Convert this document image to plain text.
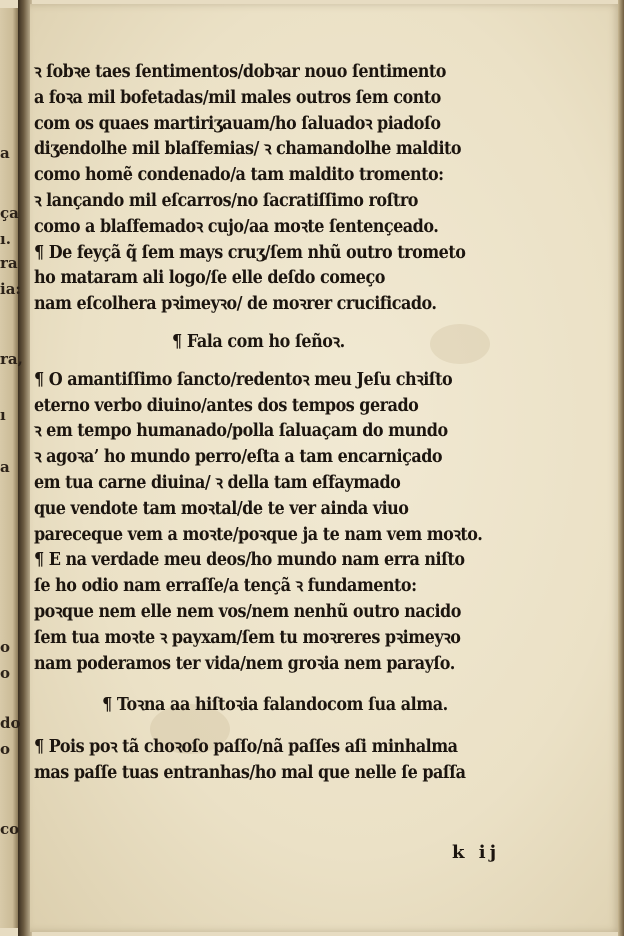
a
ça
ı.
ra
ia:
ra,
ı
a
o
o
do
o
co
ꝛ ſobꝛe taes ſentimentos/dobꝛar nouo ſentimento
a foꝛa mil bofetadas/mil males outros ſem conto
com os quaes martiriʒauam/ho ſaluadoꝛ piadoſo
diʒendolhe mil blaſfemias/ ꝛ chamandolhe maldito
como homẽ condenado/a tam maldito tromento:
ꝛ lançando mil eſcarros/no ſacratiſſimo roſtro
como a blaſfemadoꝛ cujo/aa moꝛte ſentençeado.
¶ De feyçã q̃ ſem mays cruʒ/ſem nhũ outro trometo
ho mataram ali logo/ſe elle deſdo começo
nam eſcolhera pꝛimeyꝛo/ de moꝛrer crucificado.
¶ Fala com ho ſeñoꝛ.
¶ O amantiſſimo ſancto/redentoꝛ meu Jeſu chꝛiſto
eterno verbo diuino/antes dos tempos gerado
ꝛ em tempo humanado/polla ſaluaçam do mundo
ꝛ agoꝛa’ ho mundo perro/eſta a tam encarniçado
em tua carne diuina/ ꝛ della tam eſfaymado
que vendote tam moꝛtal/de te ver ainda viuo
pareceque vem a moꝛte/poꝛque ja te nam vem moꝛto.
¶ E na verdade meu deos/ho mundo nam erra niſto
ſe ho odio nam erraſſe/a tençã ꝛ fundamento:
poꝛque nem elle nem vos/nem nenhũ outro nacido
ſem tua moꝛte ꝛ payxam/ſem tu moꝛreres pꝛimeyꝛo
nam poderamos ter vida/nem groꝛia nem parayſo.
¶ Toꝛna aa hiſtoꝛia falandocom ſua alma.
¶ Pois poꝛ tã choꝛoſo paſſo/nã paſſes aſi minhalma
mas paſſe tuas entranhas/ho mal que nelle ſe paſſa
k ij
